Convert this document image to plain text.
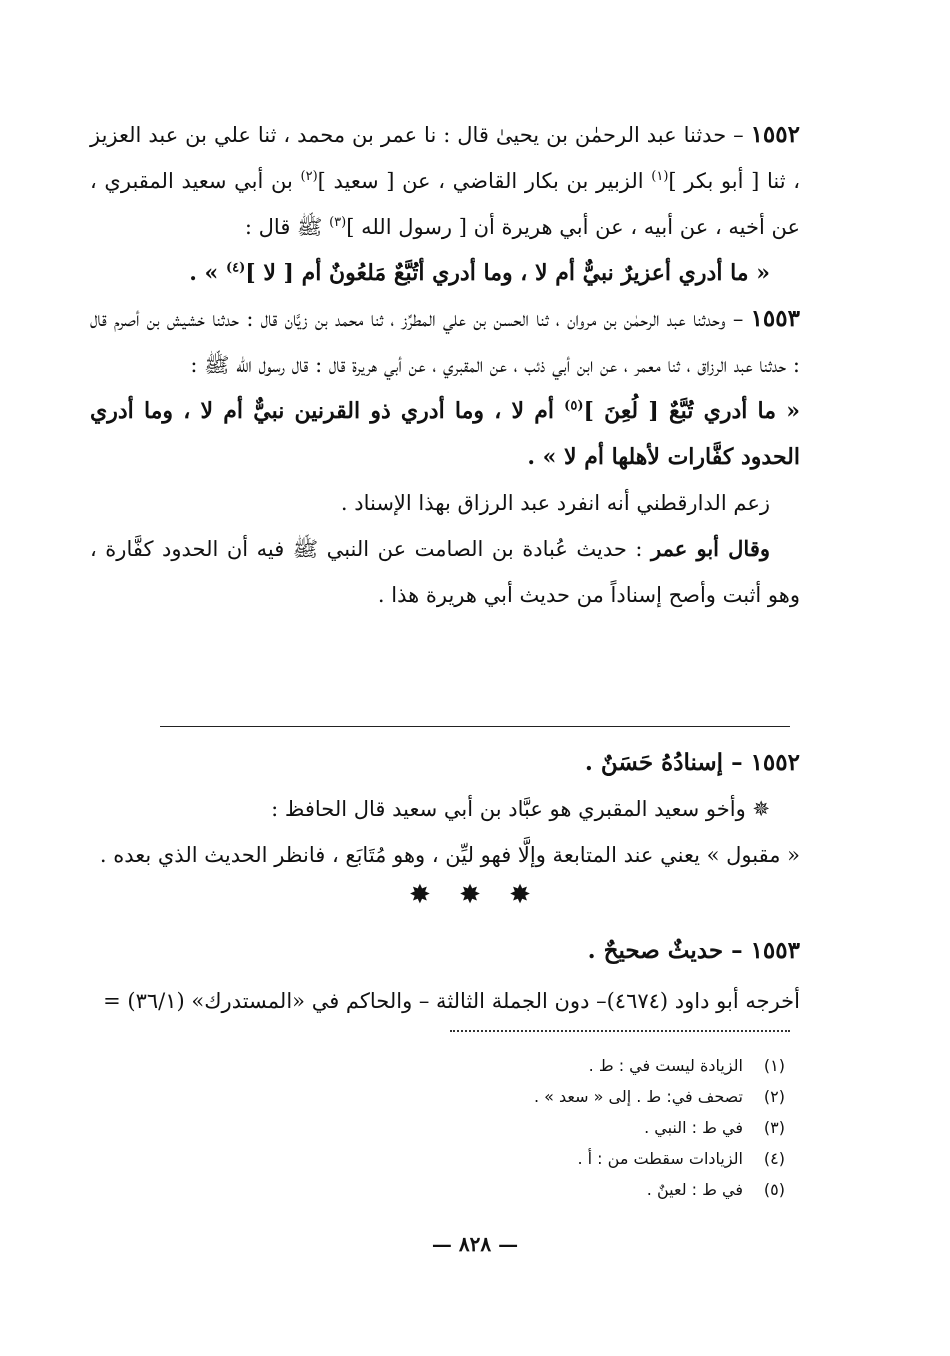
١٥٥٢ – حدثنا عبد الرحمٰن بن يحيىٰ قال : نا عمر بن محمد ، ثنا علي بن عبد العزيز ، ثنا [ أبو بكر ]$^{(١)}$ الزبير بن بكار القاضي ، عن [ سعيد ]$^{(٢)}$ بن أبي سعيد المقبري ، عن أخيه ، عن أبيه ، عن أبي هريرة أن [ رسول الله ]$^{(٣)}$ ﷺ قال :

« ما أدري أعزيرٌ نبيٌّ أم لا ، وما أدري أتُبَّعٌ مَلعُونٌ أم [ لا ]$^{(٤)}$ » .

١٥٥٣ – وحدثنا عبد الرحمٰن بن مروان ، ثنا الحسن بن علي المطرِّز ، ثنا محمد بن زيَّان قال : حدثنا خشيش بن أصرم قال : حدثنا عبد الرزاق ، ثنا معمر ، عن ابن أبي ذئب ، عن المقبري ، عن أبي هريرة قال : قال رسول الله ﷺ :

« ما أدري تُبَّعٌ [ لُعِنَ ]$^{(٥)}$ أم لا ، وما أدري ذو القرنين نبيٌّ أم لا ، وما أدري الحدود كفَّارات لأهلها أم لا » .

زعم الدارقطني أنه انفرد عبد الرزاق بهذا الإسناد .

وقال أبو عمر : حديث عُبادة بن الصامت عن النبي ﷺ فيه أن الحدود كفَّارة ، وهو أثبت وأصح إسناداً من حديث أبي هريرة هذا .

١٥٥٢ – إسنادُهُ حَسَنٌ .

✵ وأخو سعيد المقبري هو عبَّاد بن أبي سعيد قال الحافظ :

« مقبول » يعني عند المتابعة وإلَّا فهو ليِّن ، وهو مُتَابَع ، فانظر الحديث الذي بعده .

✸ ✸ ✸

١٥٥٣ – حديثٌ صحيحٌ .

أخرجه أبو داود (٤٦٧٤)– دون الجملة الثالثة – والحاكم في «المستدرك» (٣٦/١) =

(١)
الزيادة ليست في : ط .
(٢)
تصحف في: ط . إلى « سعد » .
(٣)
في ط : النبي .
(٤)
الزيادات سقطت من : أ .
(٥)
في ط : لعينٌ .
— ٨٢٨ —
